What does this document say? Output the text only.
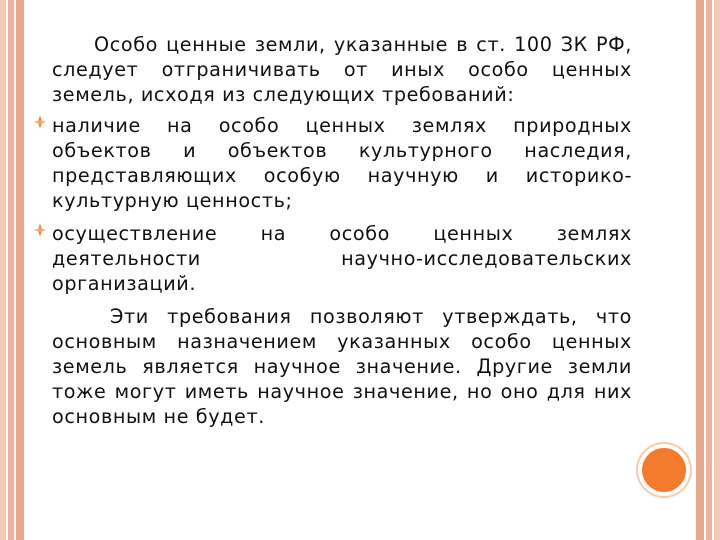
Особо ценные земли, указанные в ст. 100 ЗК РФ, следует отграничивать от иных особо ценных земель, исходя из следующих требований:

наличие на особо ценных землях природных объектов и объектов культурного наследия, представляющих особую научную и историко-культурную ценность;

осуществление на особо ценных землях деятельности научно-исследовательских организаций.

Эти требования позволяют утверждать, что основным назначением указанных особо ценных земель является научное значение. Другие земли тоже могут иметь научное значение, но оно для них основным не будет.
